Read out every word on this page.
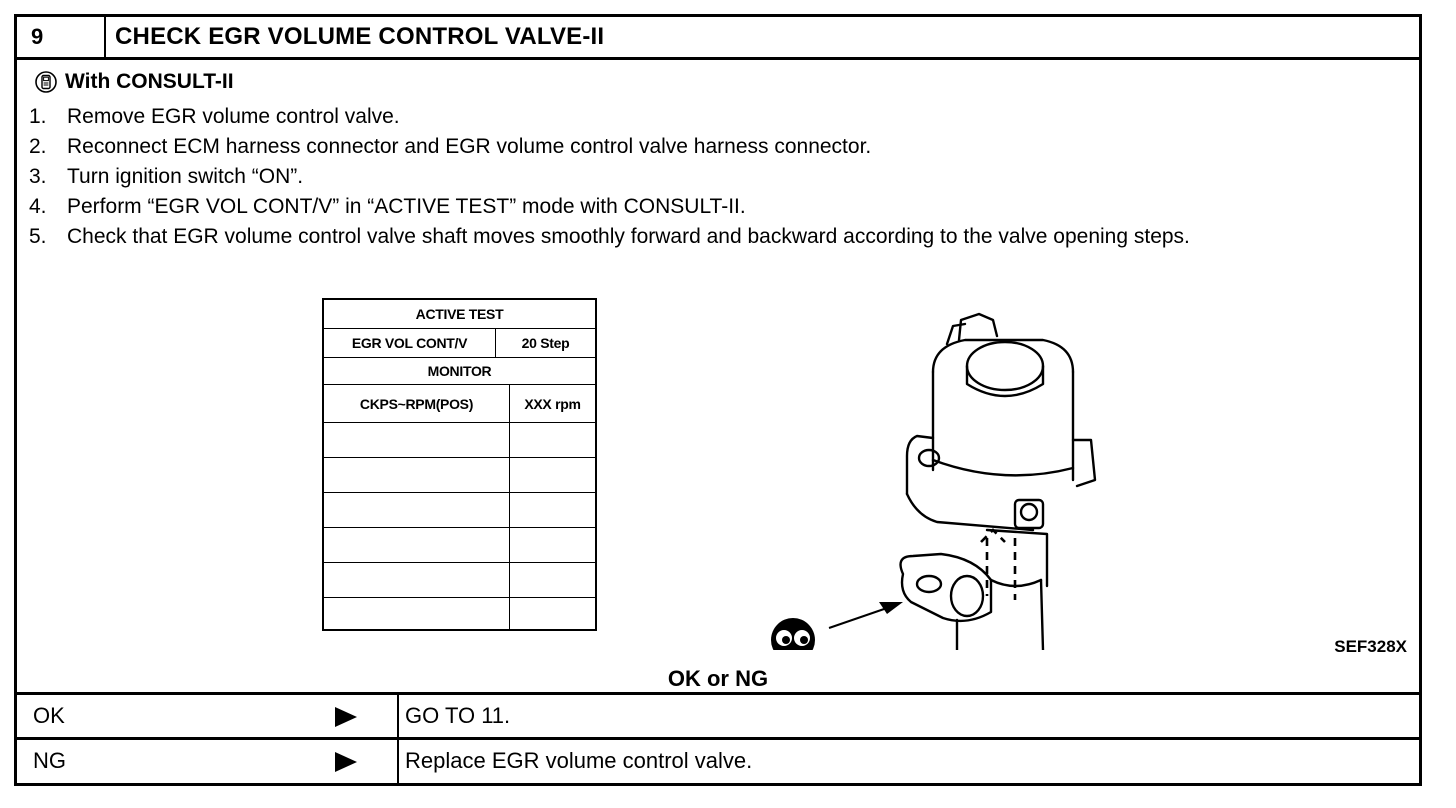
9	CHECK EGR VOLUME CONTROL VALVE-II
With CONSULT-II
1. Remove EGR volume control valve.
2. Reconnect ECM harness connector and EGR volume control valve harness connector.
3. Turn ignition switch “ON”.
4. Perform “EGR VOL CONT/V” in “ACTIVE TEST” mode with CONSULT-II.
5. Check that EGR volume control valve shaft moves smoothly forward and backward according to the valve opening steps.
ACTIVE TEST
EGR VOL CONT/V	20 Step
MONITOR
CKPS~RPM(POS)	XXX rpm
SEF328X
OK or NG
OK	GO TO 11.
NG	Replace EGR volume control valve.
